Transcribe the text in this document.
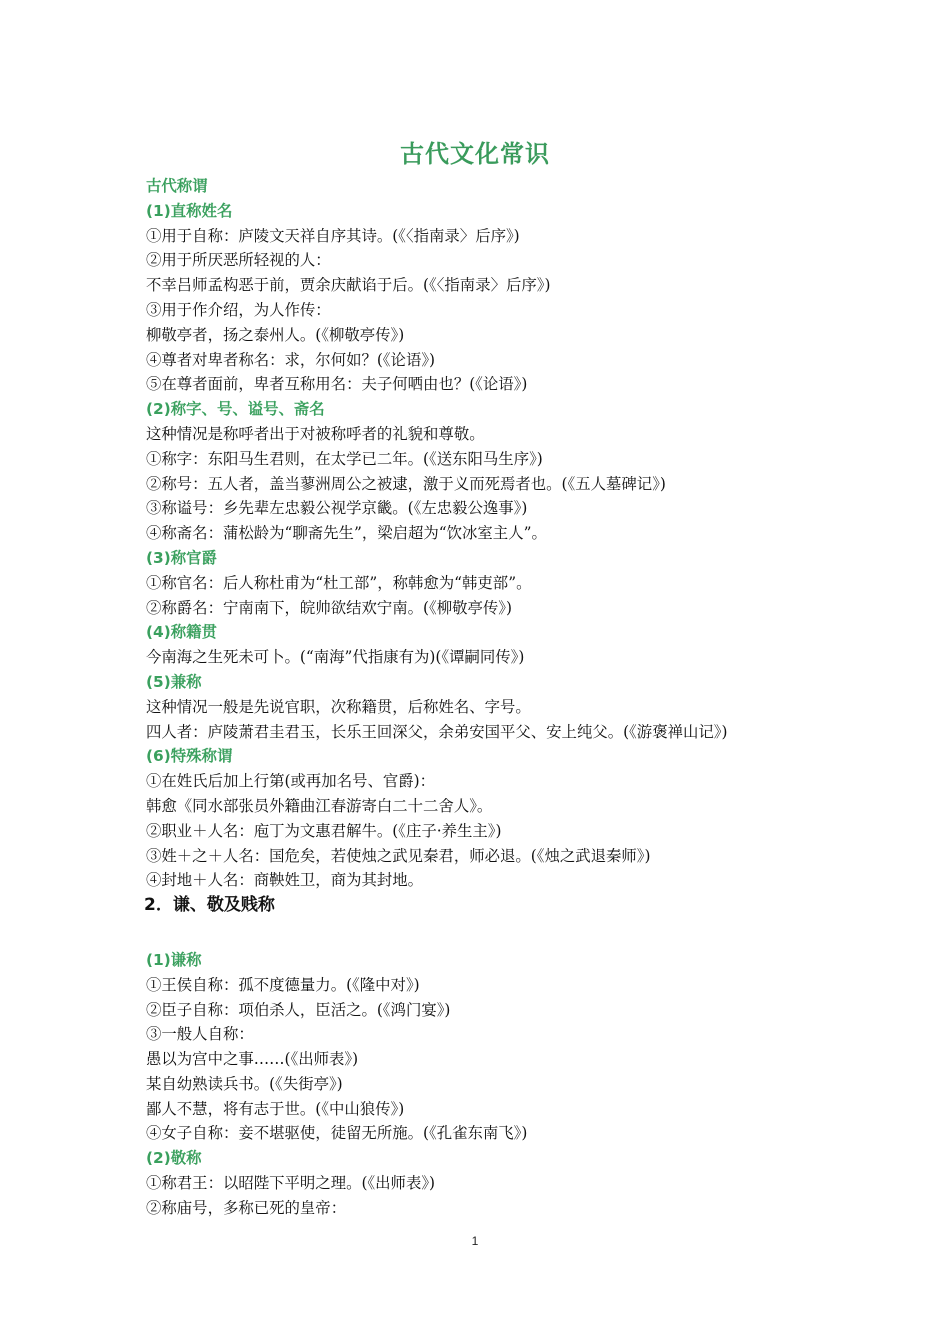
古代文化常识
古代称谓
(1)直称姓名
①用于自称：庐陵文天祥自序其诗。(《〈指南录〉后序》)
②用于所厌恶所轻视的人：
不幸吕师孟构恶于前，贾余庆献谄于后。(《〈指南录〉后序》)
③用于作介绍，为人作传：
柳敬亭者，扬之泰州人。(《柳敬亭传》)
④尊者对卑者称名：求，尔何如？(《论语》)
⑤在尊者面前，卑者互称用名：夫子何哂由也？(《论语》)
(2)称字、号、谥号、斋名
这种情况是称呼者出于对被称呼者的礼貌和尊敬。
①称字：东阳马生君则，在太学已二年。(《送东阳马生序》)
②称号：五人者，盖当蓼洲周公之被逮，激于义而死焉者也。(《五人墓碑记》)
③称谥号：乡先辈左忠毅公视学京畿。(《左忠毅公逸事》)
④称斋名：蒲松龄为“聊斋先生”，梁启超为“饮冰室主人”。
(3)称官爵
①称官名：后人称杜甫为“杜工部”，称韩愈为“韩吏部”。
②称爵名：宁南南下，皖帅欲结欢宁南。(《柳敬亭传》)
(4)称籍贯
今南海之生死未可卜。(“南海”代指康有为)(《谭嗣同传》)
(5)兼称
这种情况一般是先说官职，次称籍贯，后称姓名、字号。
四人者：庐陵萧君圭君玉，长乐王回深父，余弟安国平父、安上纯父。(《游褒禅山记》)
(6)特殊称谓
①在姓氏后加上行第(或再加名号、官爵)：
韩愈《同水部张员外籍曲江春游寄白二十二舍人》。
②职业＋人名：庖丁为文惠君解牛。(《庄子·养生主》)
③姓＋之＋人名：国危矣，若使烛之武见秦君，师必退。(《烛之武退秦师》)
④封地＋人名：商鞅姓卫，商为其封地。
2．谦、敬及贱称
(1)谦称
①王侯自称：孤不度德量力。(《隆中对》)
②臣子自称：项伯杀人，臣活之。(《鸿门宴》)
③一般人自称：
愚以为宫中之事……(《出师表》)
某自幼熟读兵书。(《失街亭》)
鄙人不慧，将有志于世。(《中山狼传》)
④女子自称：妾不堪驱使，徒留无所施。(《孔雀东南飞》)
(2)敬称
①称君王：以昭陛下平明之理。(《出师表》)
②称庙号，多称已死的皇帝：
1
